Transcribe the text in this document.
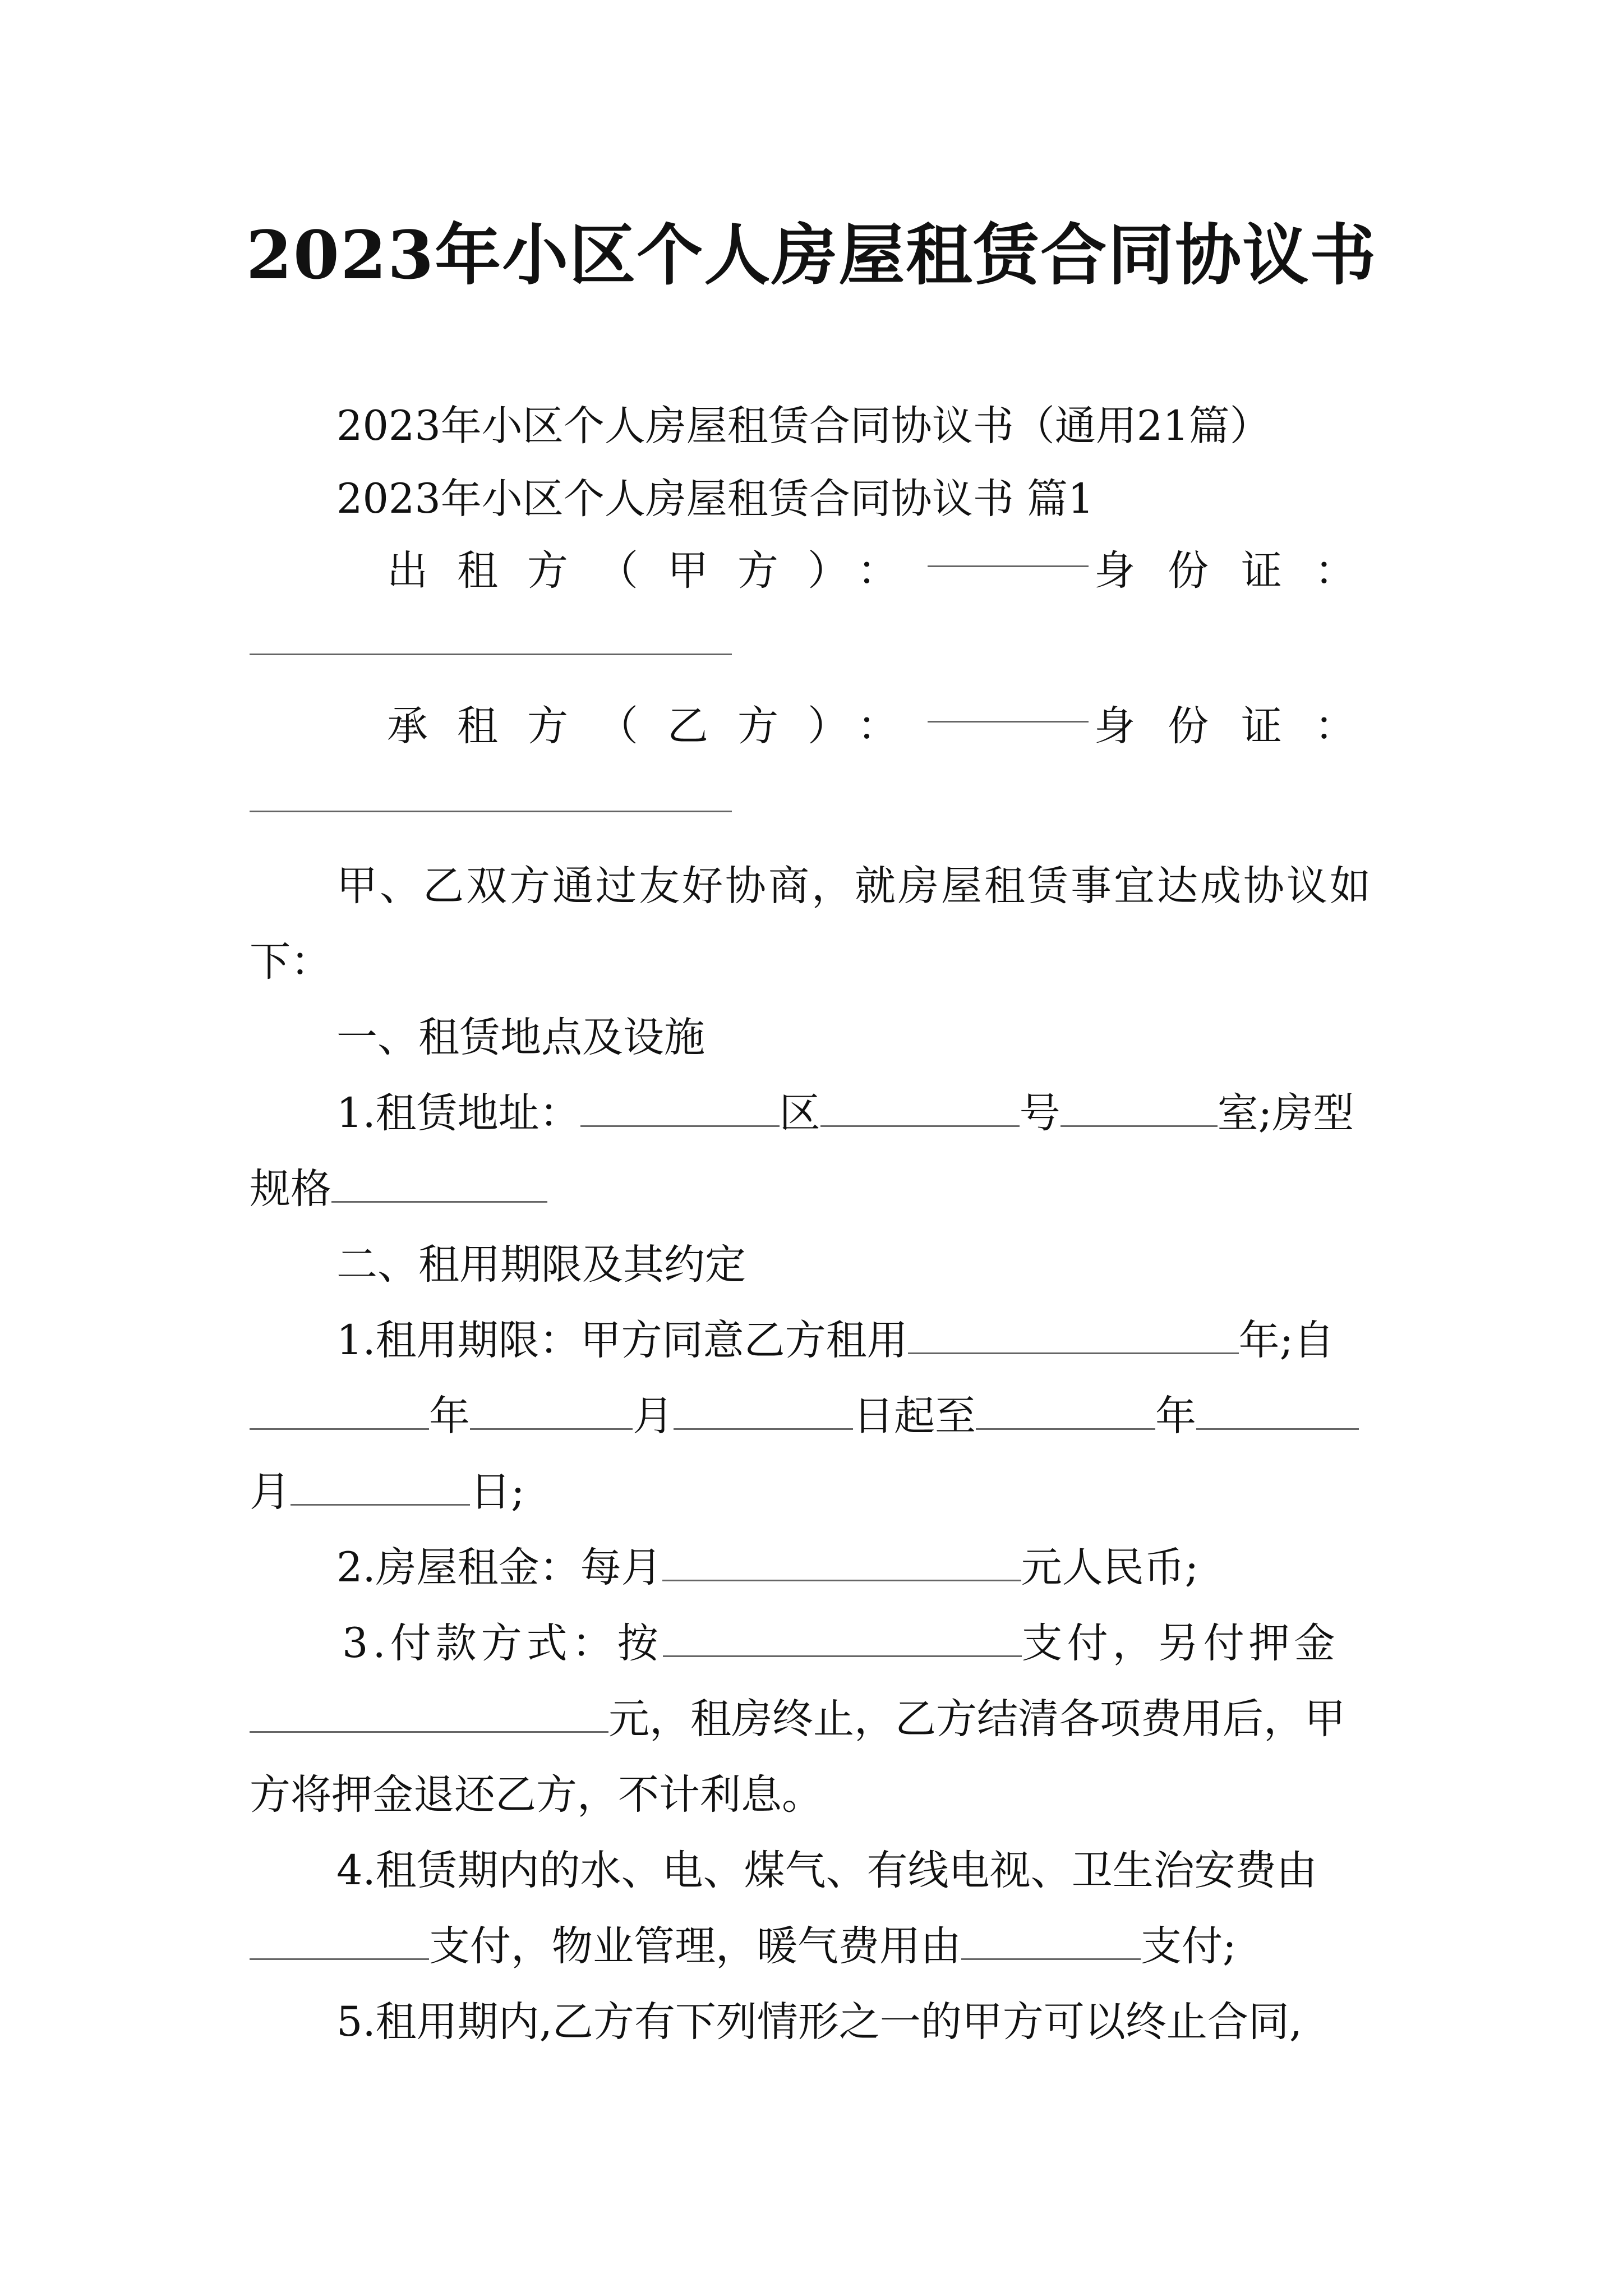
2023年小区个人房屋租赁合同协议书
2023年小区个人房屋租赁合同协议书（通用21篇）
2023年小区个人房屋租赁合同协议书 篇1
出租方（甲方）：	身份证：
承租方（乙方）：	身份证：
甲、乙双方通过友好协商，就房屋租赁事宜达成协议如
下：
一、租赁地点及设施
1.租赁地址：	区	号	室;房型
规格
二、租用期限及其约定
1.租用期限：甲方同意乙方租用	年;自
年	月	日起至	年
月	日;
2.房屋租金：每月	元人民币;
3.付款方式：按	支付，另付押金
元，租房终止，乙方结清各项费用后，甲
方将押金退还乙方，不计利息。
4.租赁期内的水、电、煤气、有线电视、卫生治安费由
支付，物业管理，暖气费用由	支付;
5.租用期内,乙方有下列情形之一的甲方可以终止合同,
